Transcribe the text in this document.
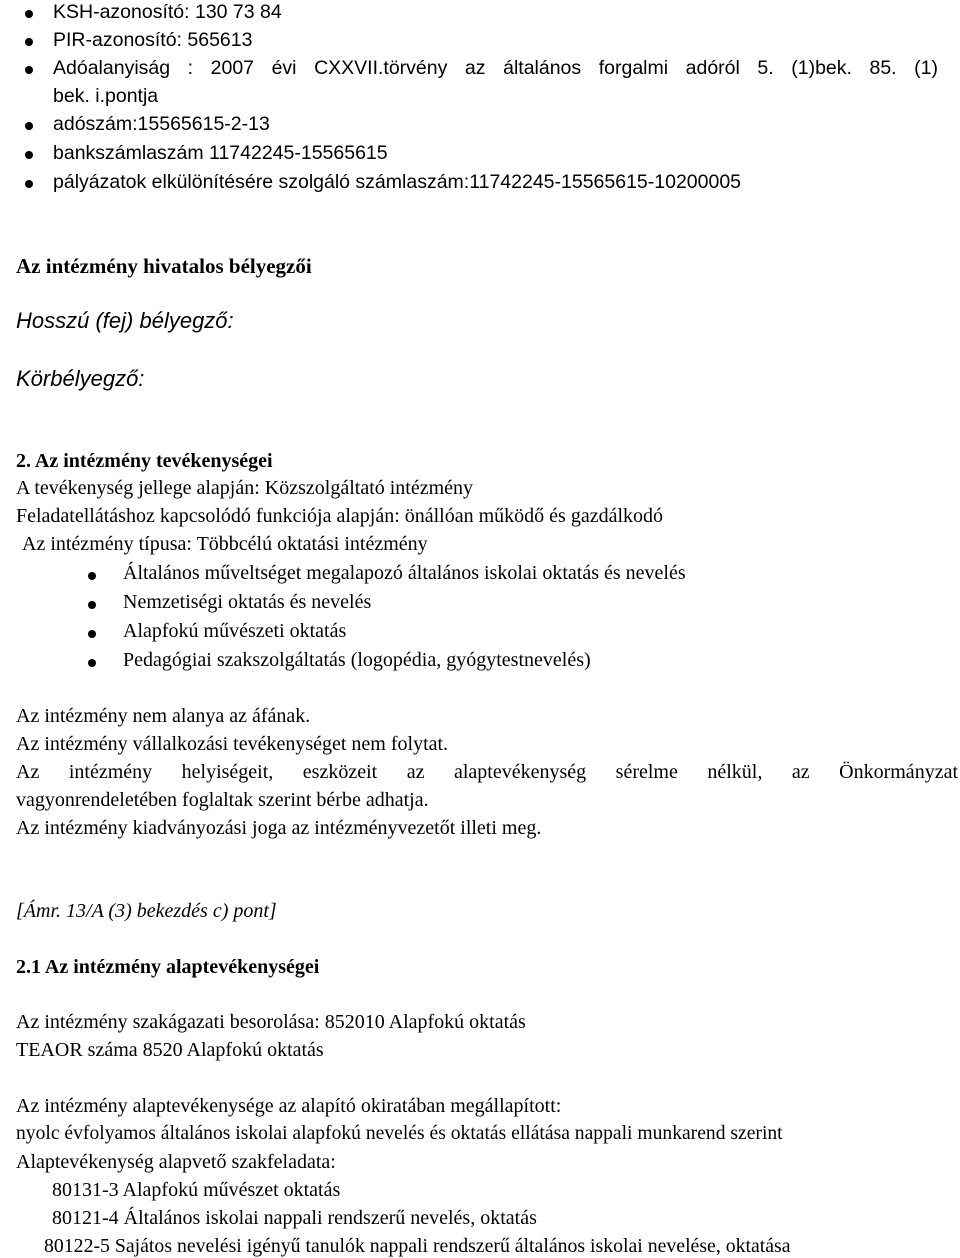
KSH-azonosító: 130 73 84
PIR-azonosító: 565613
Adóalanyiság : 2007 évi CXXVII.törvény az általános forgalmi adóról 5. (1)bek. 85. (1)
bek. i.pontja
adószám:15565615-2-13
bankszámlaszám 11742245-15565615
pályázatok elkülönítésére szolgáló számlaszám:11742245-15565615-10200005
Az intézmény hivatalos bélyegzői
Hosszú (fej) bélyegző:
Körbélyegző:
2. Az intézmény tevékenységei
A tevékenység jellege alapján: Közszolgáltató intézmény
Feladatellátáshoz kapcsolódó funkciója alapján: önállóan működő és gazdálkodó
Az intézmény típusa: Többcélú oktatási intézmény
Általános műveltséget megalapozó általános iskolai oktatás és nevelés
Nemzetiségi oktatás és nevelés
Alapfokú művészeti oktatás
Pedagógiai szakszolgáltatás (logopédia, gyógytestnevelés)
Az intézmény nem alanya az áfának.
Az intézmény vállalkozási tevékenységet nem folytat.
Az intézmény helyiségeit, eszközeit az alaptevékenység sérelme nélkül, az Önkormányzat
vagyonrendeletében foglaltak szerint bérbe adhatja.
Az intézmény kiadványozási joga az intézményvezetőt illeti meg.
[Ámr. 13/A (3) bekezdés c) pont]
2.1 Az intézmény alaptevékenységei
Az intézmény szakágazati besorolása: 852010 Alapfokú oktatás
TEAOR száma 8520 Alapfokú oktatás
Az intézmény alaptevékenysége az alapító okiratában megállapított:
nyolc évfolyamos általános iskolai alapfokú nevelés és oktatás ellátása nappali munkarend szerint
Alaptevékenység alapvető szakfeladata:
80131-3 Alapfokú művészet oktatás
80121-4 Általános iskolai nappali rendszerű nevelés, oktatás
80122-5 Sajátos nevelési igényű tanulók nappali rendszerű általános iskolai nevelése, oktatása
